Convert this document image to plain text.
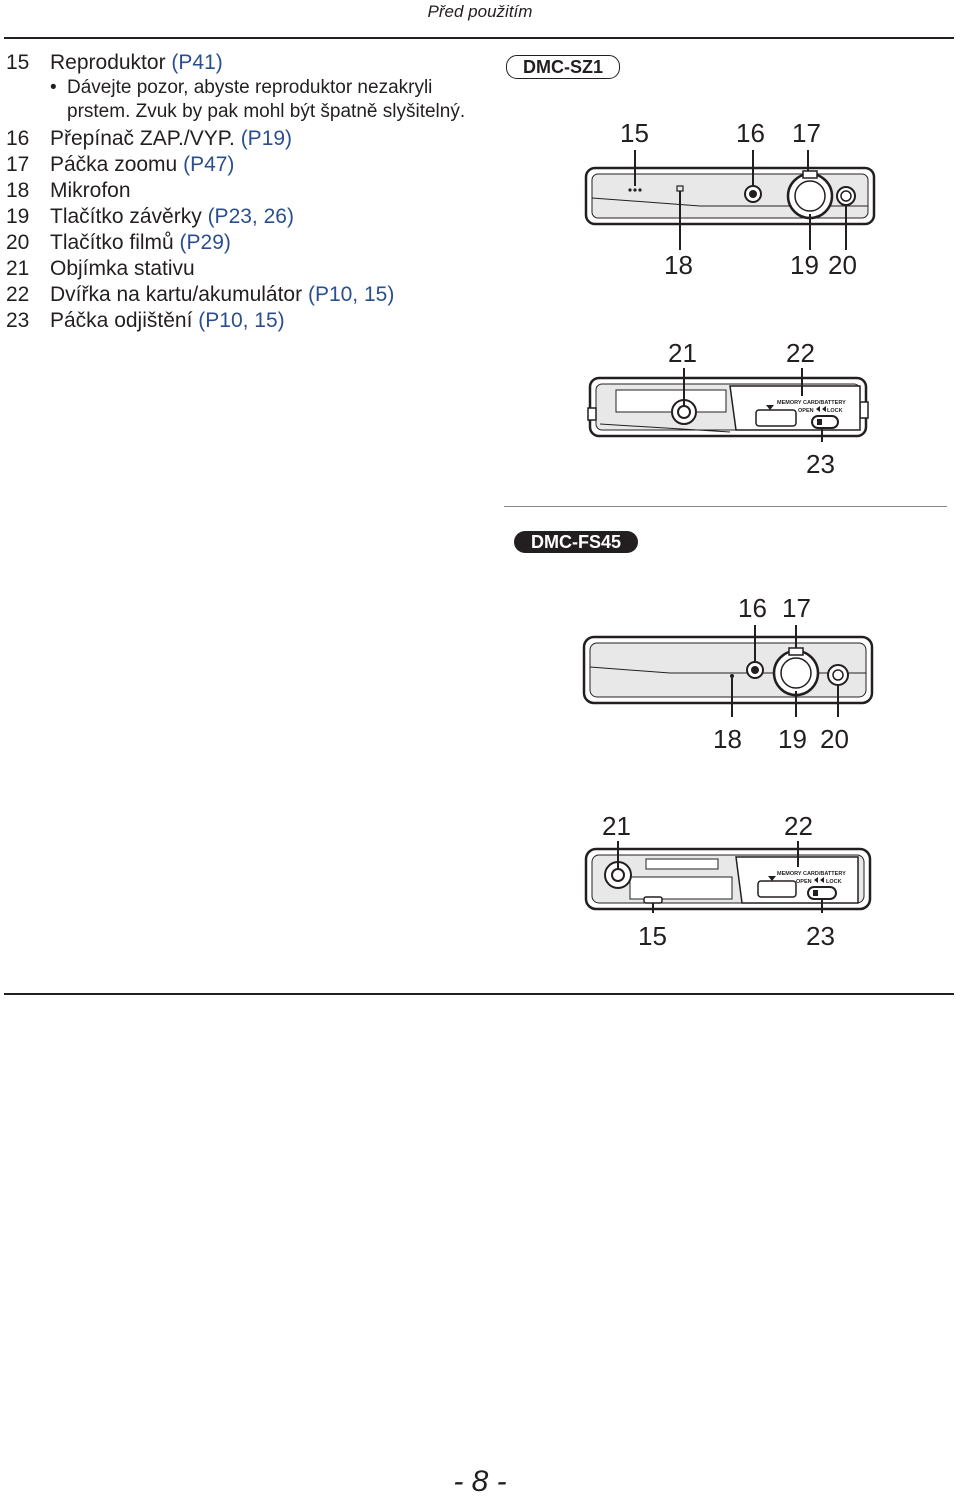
Před použitím
15 Reproduktor (P41)
• Dávejte pozor, abyste reproduktor nezakryli prstem. Zvuk by pak mohl být špatně slyšitelný.
16 Přepínač ZAP./VYP. (P19)
17 Páčka zoomu (P47)
18 Mikrofon
19 Tlačítko závěrky (P23, 26)
20 Tlačítko filmů (P29)
21 Objímka stativu
22 Dvířka na kartu/akumulátor (P10, 15)
23 Páčka odjištění (P10, 15)
DMC-SZ1
15	16 17
18	19 20
21	22
MEMORY CARD/BATTERY
OPEN LOCK
23
DMC-FS45
16 17
18 19 20
21	22
MEMORY CARD/BATTERY
OPEN	LOCK
15	23
- 8 -
